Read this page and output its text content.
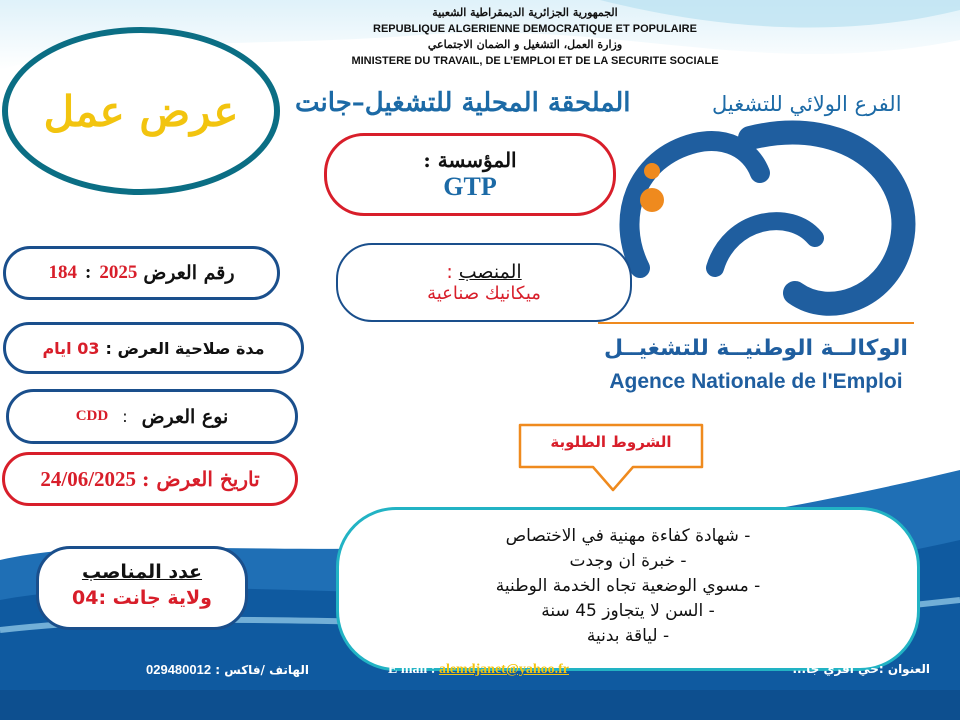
الجمهورية الجزائرية الديمقراطية الشعبية
REPUBLIQUE ALGERIENNE DEMOCRATIQUE ET POPULAIRE
وزارة العمل، التشغيل و الضمان الاجتماعي
MINISTERE DU TRAVAIL, DE L’EMPLOI ET DE LA SECURITE SOCIALE
عرض عمل الملحقة المحلية للتشغيل–جانت	الفرع الولائي للتشغيل
الوكالــة الوطنيــة للتشغيــل
Agence Nationale de l'Emploi
المؤسسة :
GTP
المنصب :
ميكانيك صناعية
رقم العرض
2025
:
184
مدة صلاحية العرض :
03 ايام
نوع العرض
:
CDD
تاريخ العرض :
24/06/2025
عدد المناصب
ولاية جانت :04
الشروط الطلوبة
- شهادة كفاءة مهنية في الاختصاص
- خبرة ان وجدت
- مسوي الوضعية تجاه الخدمة الوطنية
- السن لا يتجاوز 45 سنة
- لياقة بدنية
الهاتف /فاكس : 029480012	E mail : alemdjanet@yahoo.fr	العنوان :حي أفري جا...
